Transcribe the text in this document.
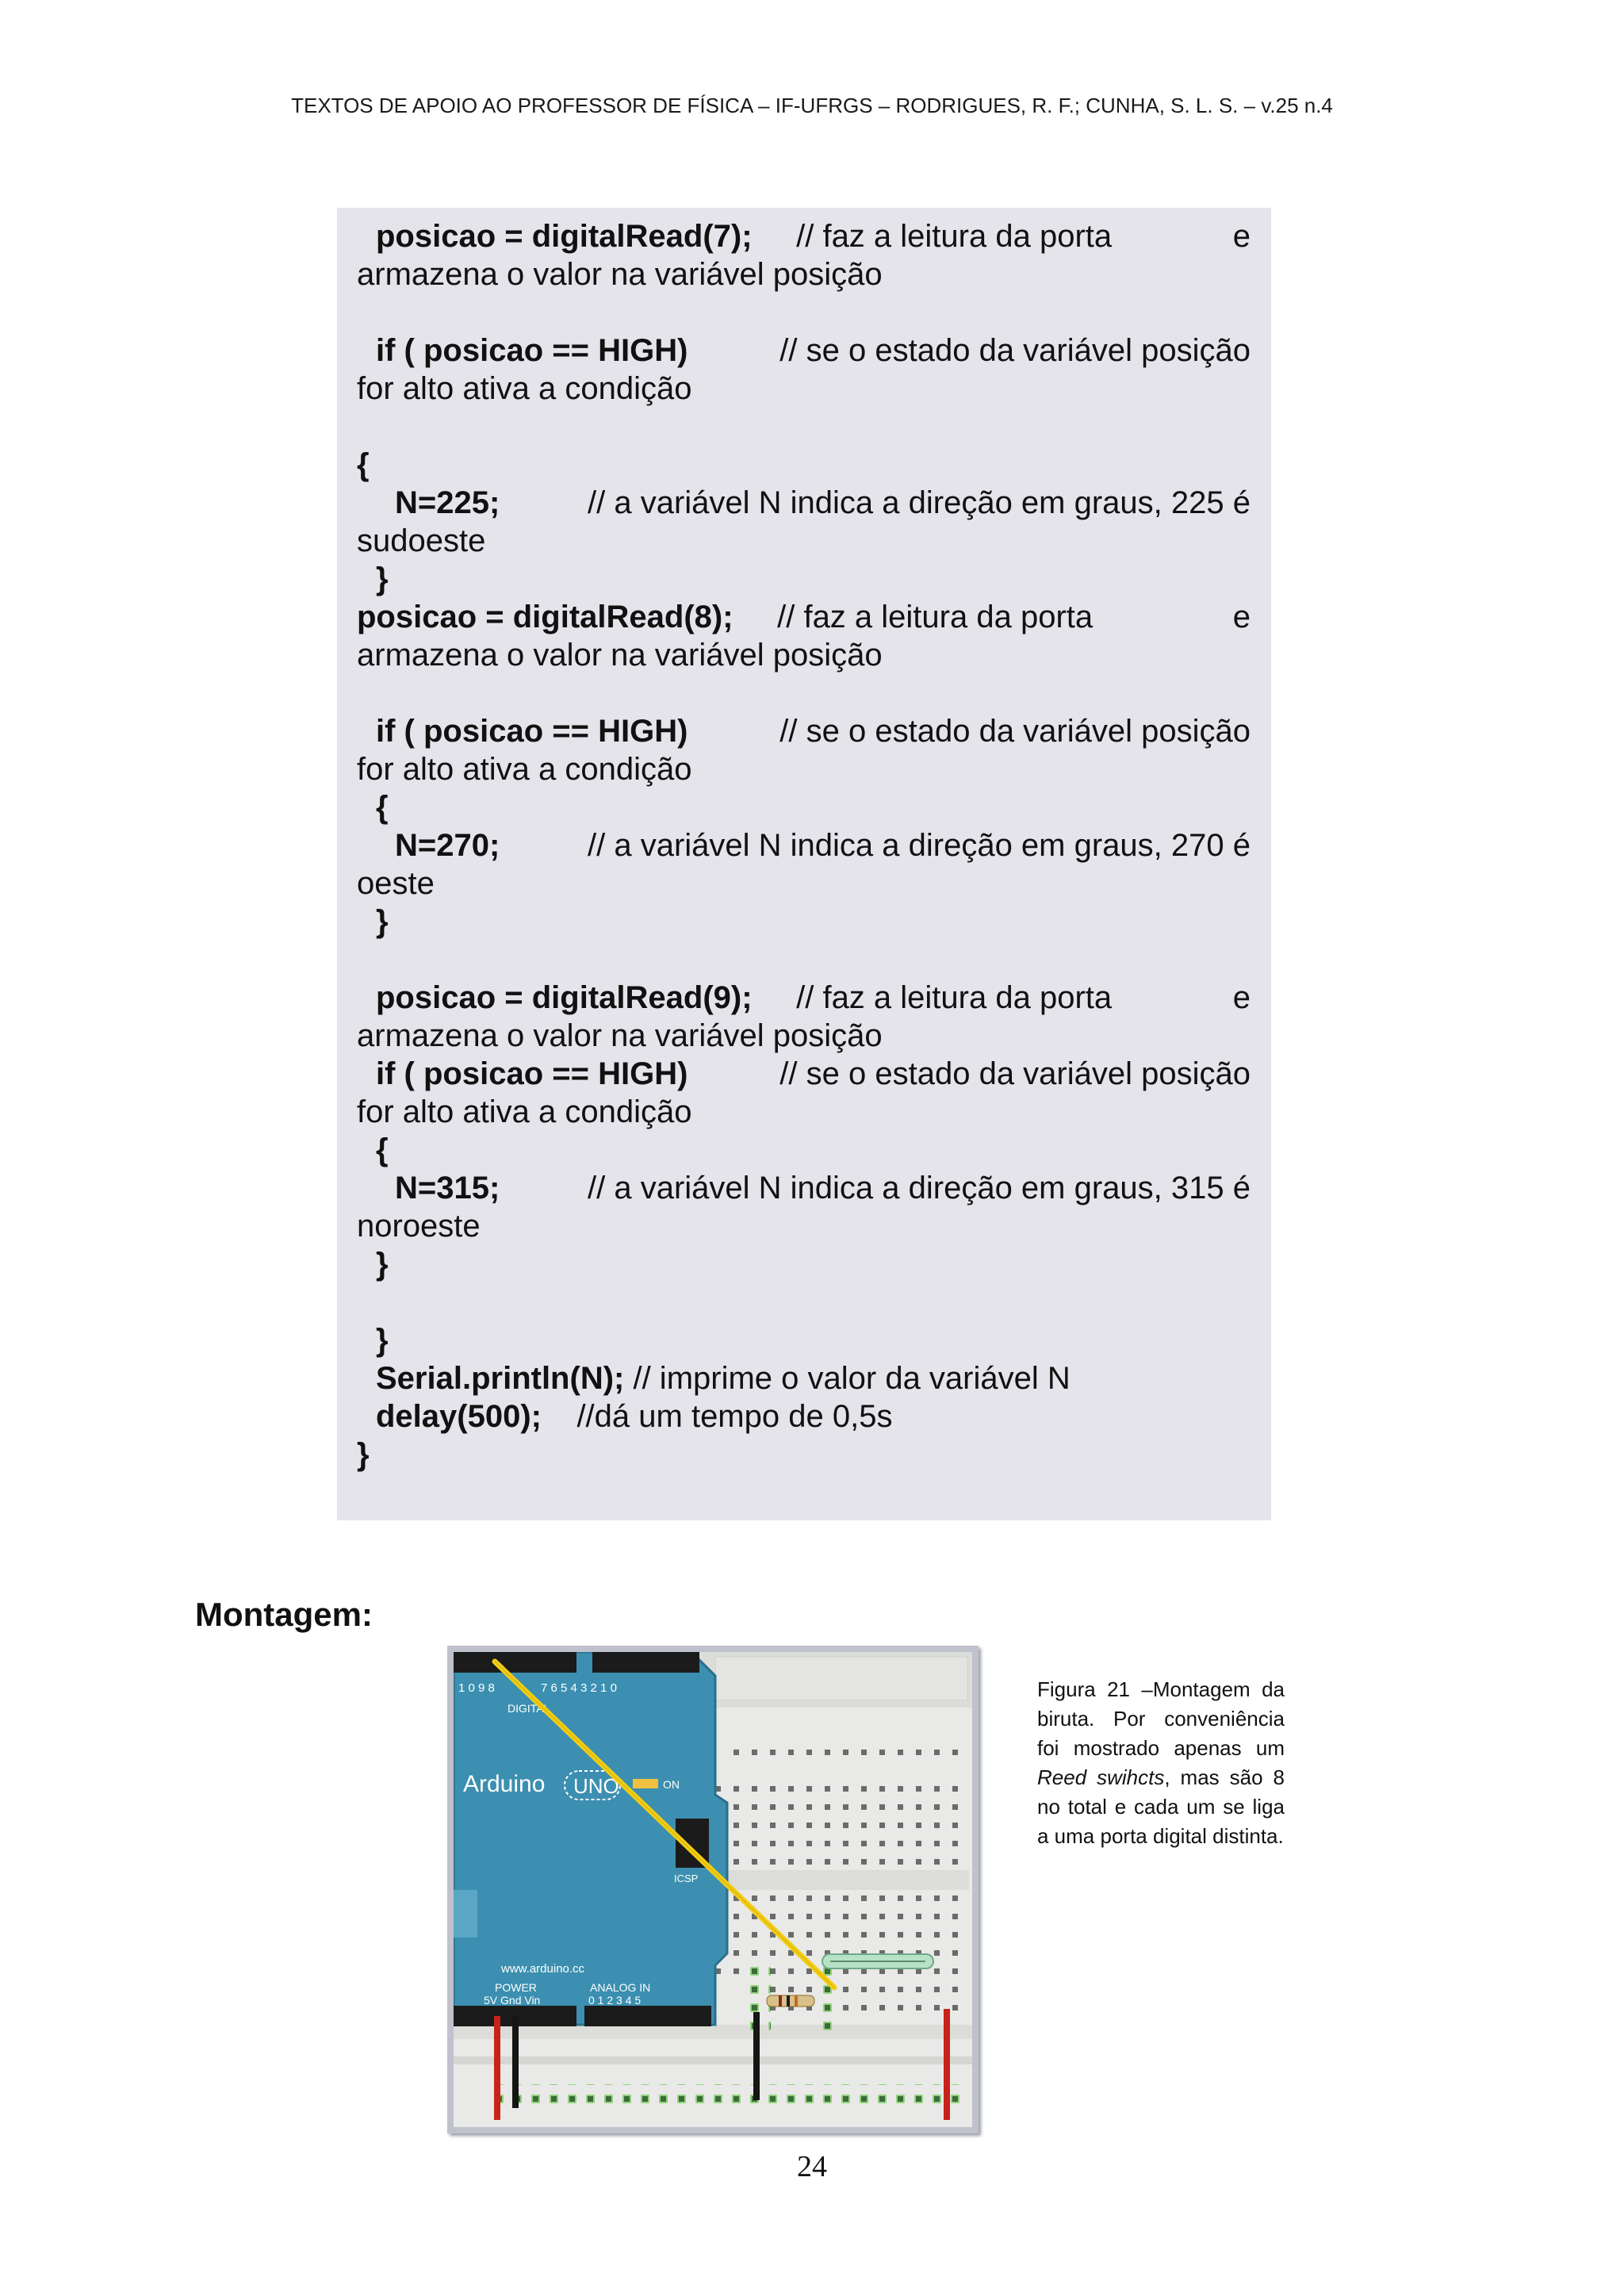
TEXTOS DE APOIO AO PROFESSOR DE FÍSICA – IF-UFRGS – RODRIGUES, R. F.; CUNHA, S. L. S. – v.25 n.4
posicao = digitalRead(7); // faz a leitura da porta	e
armazena o valor na variável posição
if ( posicao == HIGH)	// se o estado da variável posição
for alto ativa a condição
{
N=225;	// a variável N indica a direção em graus, 225 é
sudoeste
}
posicao = digitalRead(8); // faz a leitura da porta	e
armazena o valor na variável posição
if ( posicao == HIGH)	// se o estado da variável posição
for alto ativa a condição
{
N=270;	// a variável N indica a direção em graus, 270 é
oeste
}
posicao = digitalRead(9); // faz a leitura da porta	e
armazena o valor na variável posição
if ( posicao == HIGH)	// se o estado da variável posição
for alto ativa a condição
{
N=315;	// a variável N indica a direção em graus, 315 é
noroeste
}
}
Serial.println(N); // imprime o valor da variável N
delay(500); //dá um tempo de 0,5s
}
Montagem:
Arduino UNO	ON
DIGITAL
1 0 9 8	7 6 5 4 3 2 1 0
ICSP
www.arduino.cc
POWER	ANALOG IN
5V Gnd Vin	0 1 2 3 4 5
Figura 21 –Montagem da biruta. Por conveniência foi mostrado apenas um Reed swihcts, mas são 8 no total e cada um se liga a uma porta digital distinta.
24
